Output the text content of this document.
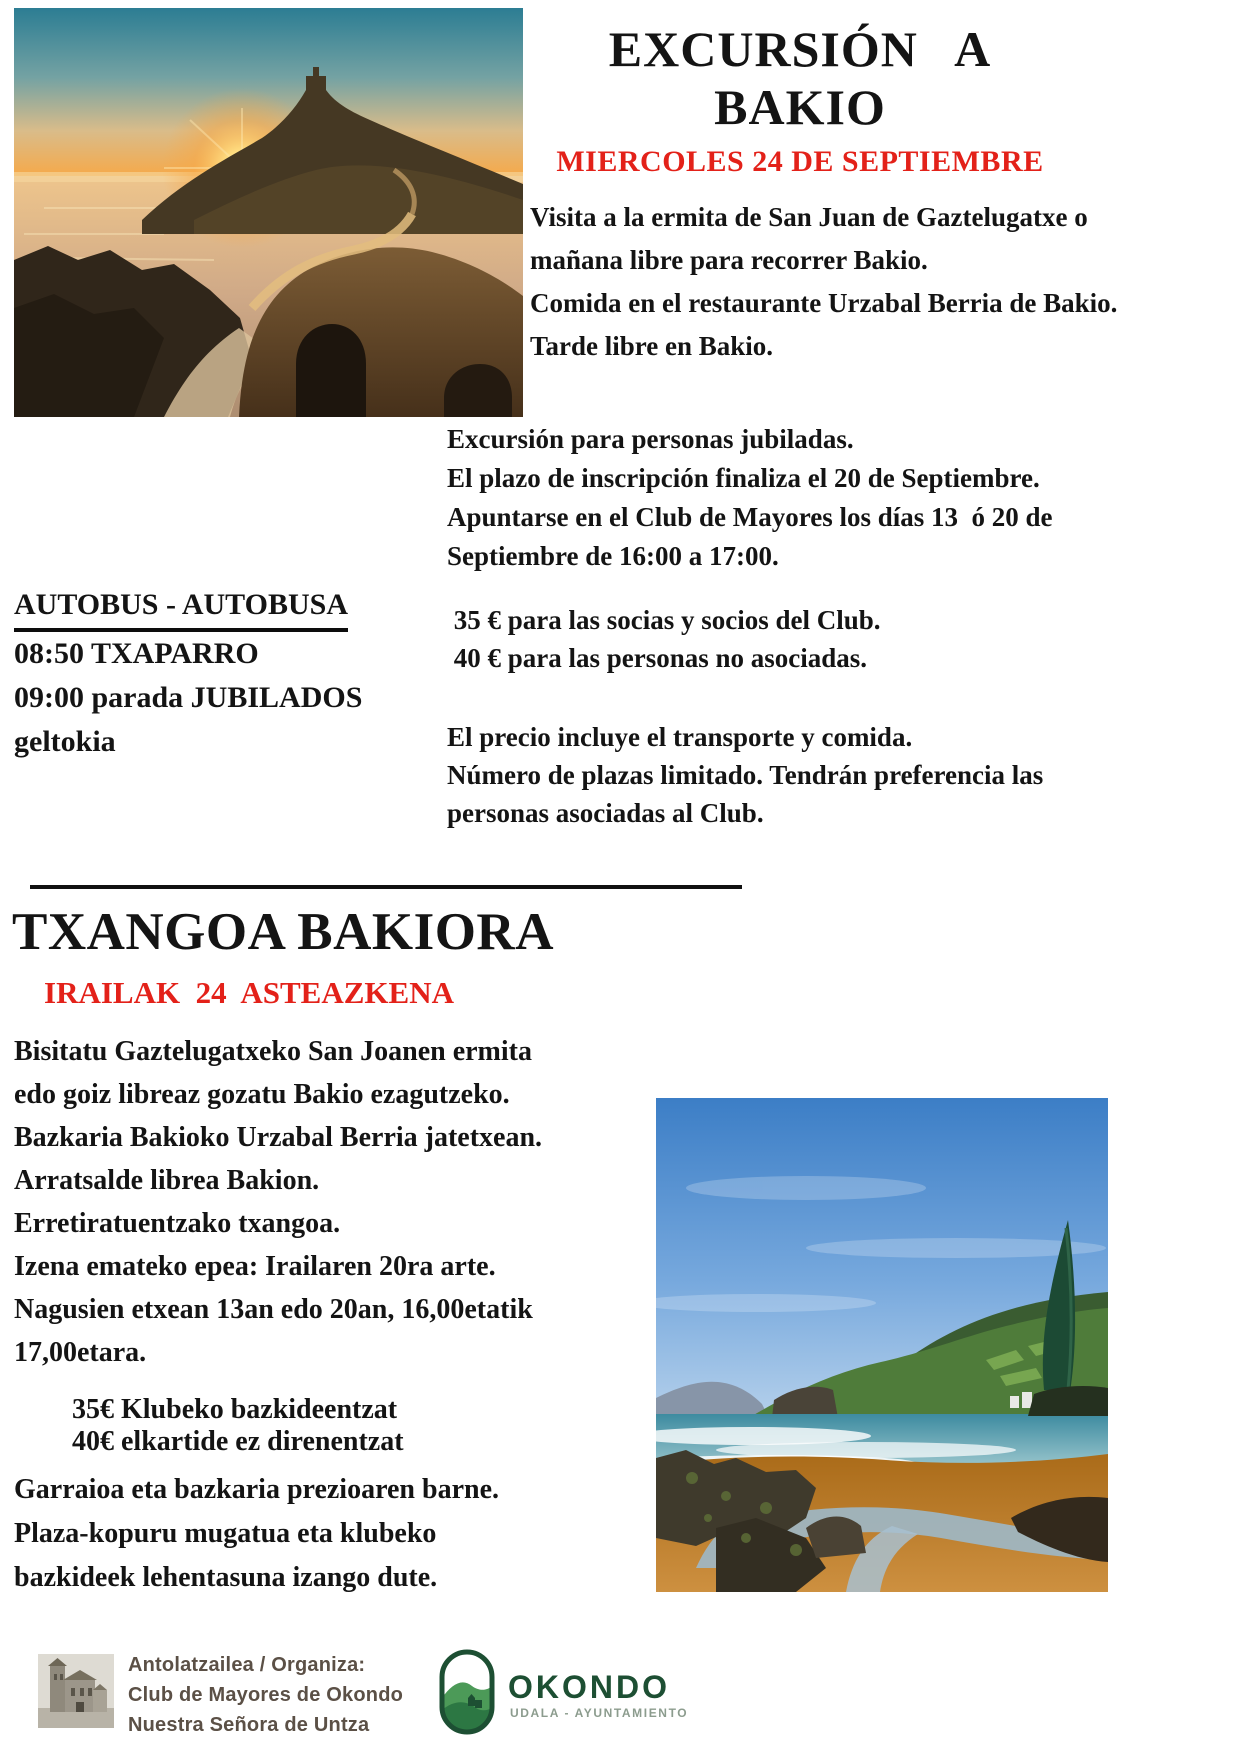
EXCURSIÓN  A
BAKIO
MIERCOLES 24 DE SEPTIEMBRE
Visita a la ermita de San Juan de Gaztelugatxe o
mañana libre para recorrer Bakio.
Comida en el restaurante Urzabal Berria de Bakio.
Tarde libre en Bakio.
Excursión para personas jubiladas.
El plazo de inscripción finaliza el 20 de Septiembre.
Apuntarse en el Club de Mayores los días 13  ó 20 de
Septiembre de 16:00 a 17:00.
AUTOBUS - AUTOBUSA
08:50 TXAPARRO
09:00 parada JUBILADOS
geltokia
35 € para las socias y socios del Club.
40 € para las personas no asociadas.
El precio incluye el transporte y comida.
Número de plazas limitado. Tendrán preferencia las
personas asociadas al Club.
TXANGOA BAKIORA
IRAILAK  24  ASTEAZKENA
Bisitatu Gaztelugatxeko San Joanen ermita
edo goiz libreaz gozatu Bakio ezagutzeko.
Bazkaria Bakioko Urzabal Berria jatetxean.
Arratsalde librea Bakion.
Erretiratuentzako txangoa.
Izena emateko epea: Irailaren 20ra arte.
Nagusien etxean 13an edo 20an, 16,00etatik
17,00etara.
35€ Klubeko bazkideentzat
40€ elkartide ez direnentzat
Garraioa eta bazkaria prezioaren barne.
Plaza-kopuru mugatua eta klubeko
bazkideek lehentasuna izango dute.
Antolatzailea / Organiza:
Club de Mayores de Okondo
Nuestra Señora de Untza
OKONDO
UDALA - AYUNTAMIENTO
